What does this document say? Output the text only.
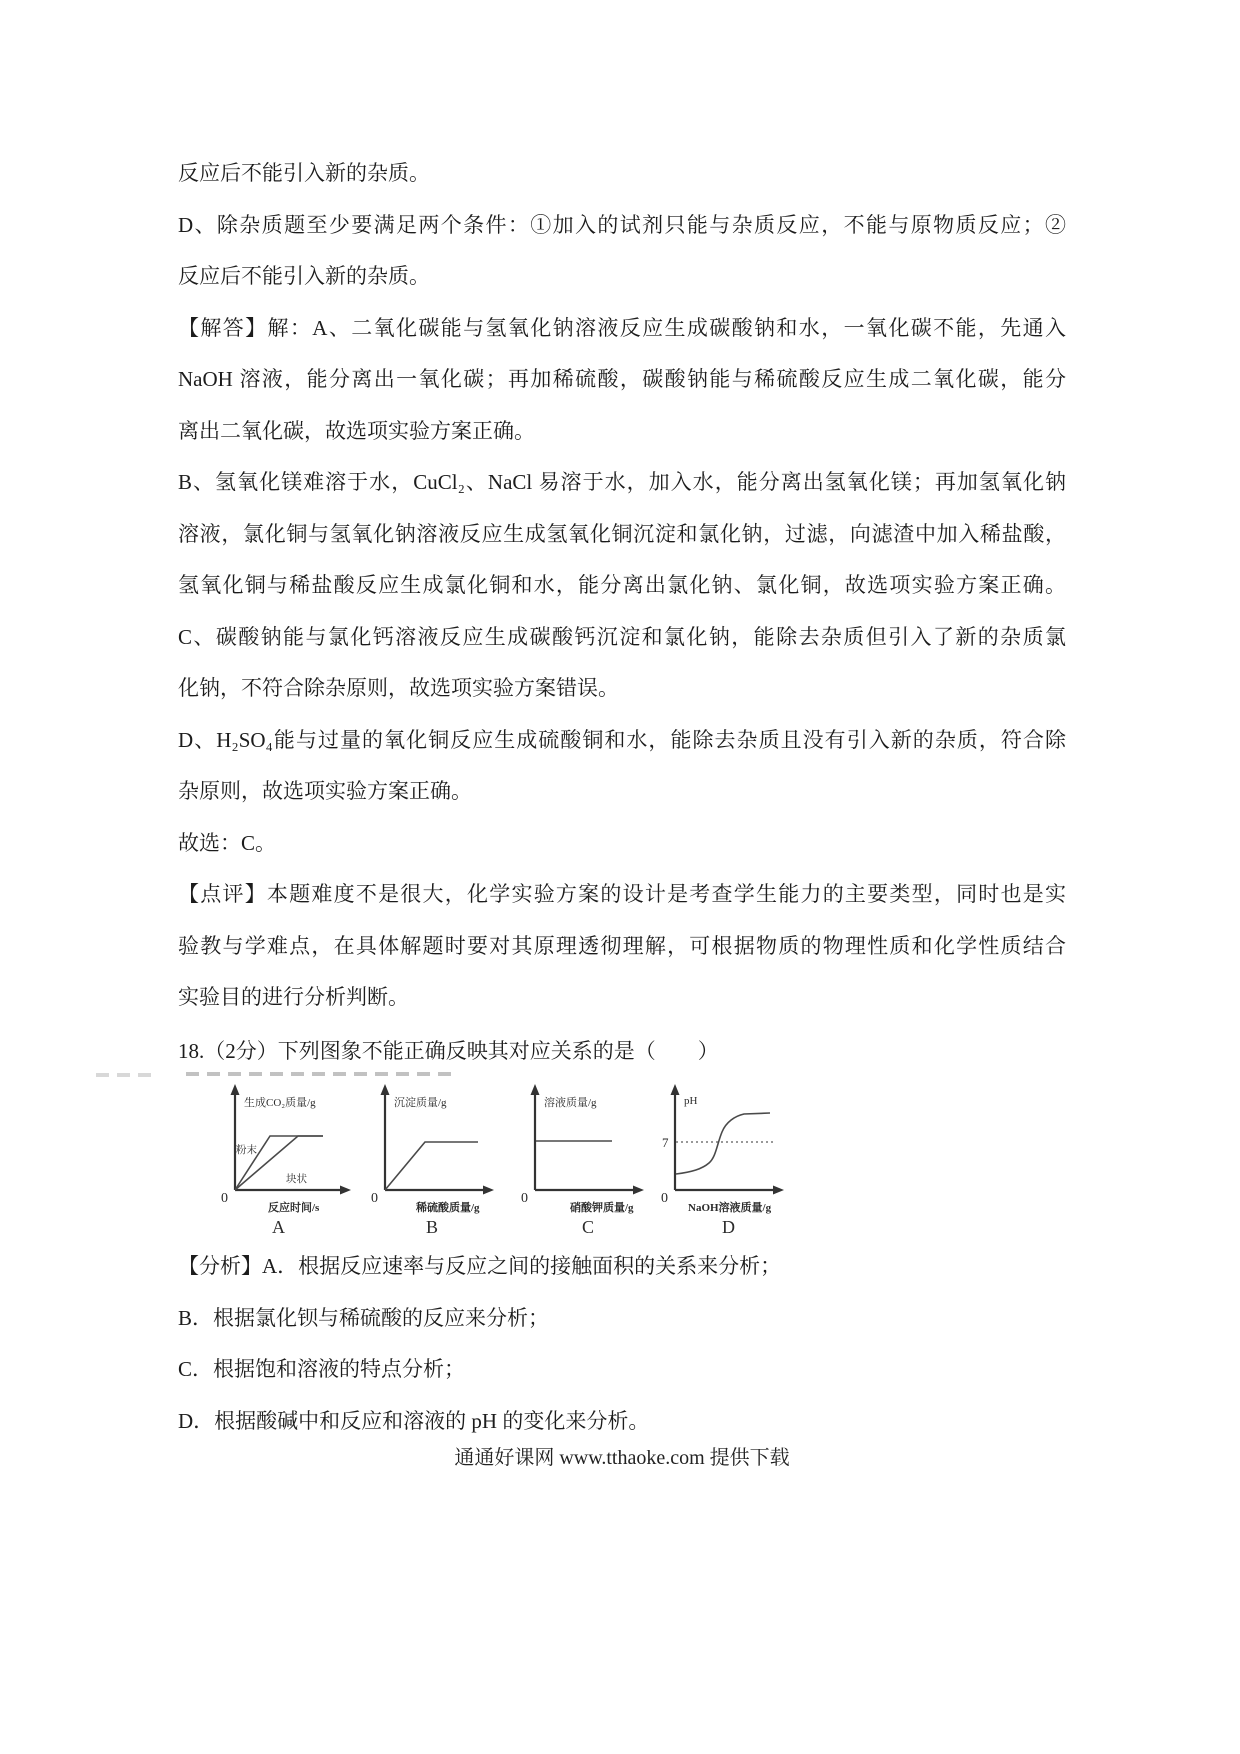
反应后不能引入新的杂质。
D、除杂质题至少要满足两个条件：①加入的试剂只能与杂质反应，不能与原物质反应；②
反应后不能引入新的杂质。
【解答】解：A、二氧化碳能与氢氧化钠溶液反应生成碳酸钠和水，一氧化碳不能，先通入
NaOH 溶液，能分离出一氧化碳；再加稀硫酸，碳酸钠能与稀硫酸反应生成二氧化碳，能分
离出二氧化碳，故选项实验方案正确。
B、氢氧化镁难溶于水，CuCl₂、NaCl 易溶于水，加入水，能分离出氢氧化镁；再加氢氧化钠
溶液，氯化铜与氢氧化钠溶液反应生成氢氧化铜沉淀和氯化钠，过滤，向滤渣中加入稀盐酸，
氢氧化铜与稀盐酸反应生成氯化铜和水，能分离出氯化钠、氯化铜，故选项实验方案正确。
C、碳酸钠能与氯化钙溶液反应生成碳酸钙沉淀和氯化钠，能除去杂质但引入了新的杂质氯
化钠，不符合除杂原则，故选项实验方案错误。
D、H₂SO₄能与过量的氧化铜反应生成硫酸铜和水，能除去杂质且没有引入新的杂质，符合除
杂原则，故选项实验方案正确。
故选：C。
【点评】本题难度不是很大，化学实验方案的设计是考查学生能力的主要类型，同时也是实
验教与学难点，在具体解题时要对其原理透彻理解，可根据物质的物理性质和化学性质结合
实验目的进行分析判断。
18.（2分）下列图象不能正确反映其对应关系的是（　　）
生成CO₂质量/g
粉末
块状
0
反应时间/s
A
沉淀质量/g
0
稀硫酸质量/g
B
溶液质量/g
0
硝酸钾质量/g
C
pH
7
0
NaOH溶液质量/g
D
【分析】A．根据反应速率与反应之间的接触面积的关系来分析；
B．根据氯化钡与稀硫酸的反应来分析；
C．根据饱和溶液的特点分析；
D．根据酸碱中和反应和溶液的 pH 的变化来分析。
通通好课网 www.tthaoke.com 提供下载
